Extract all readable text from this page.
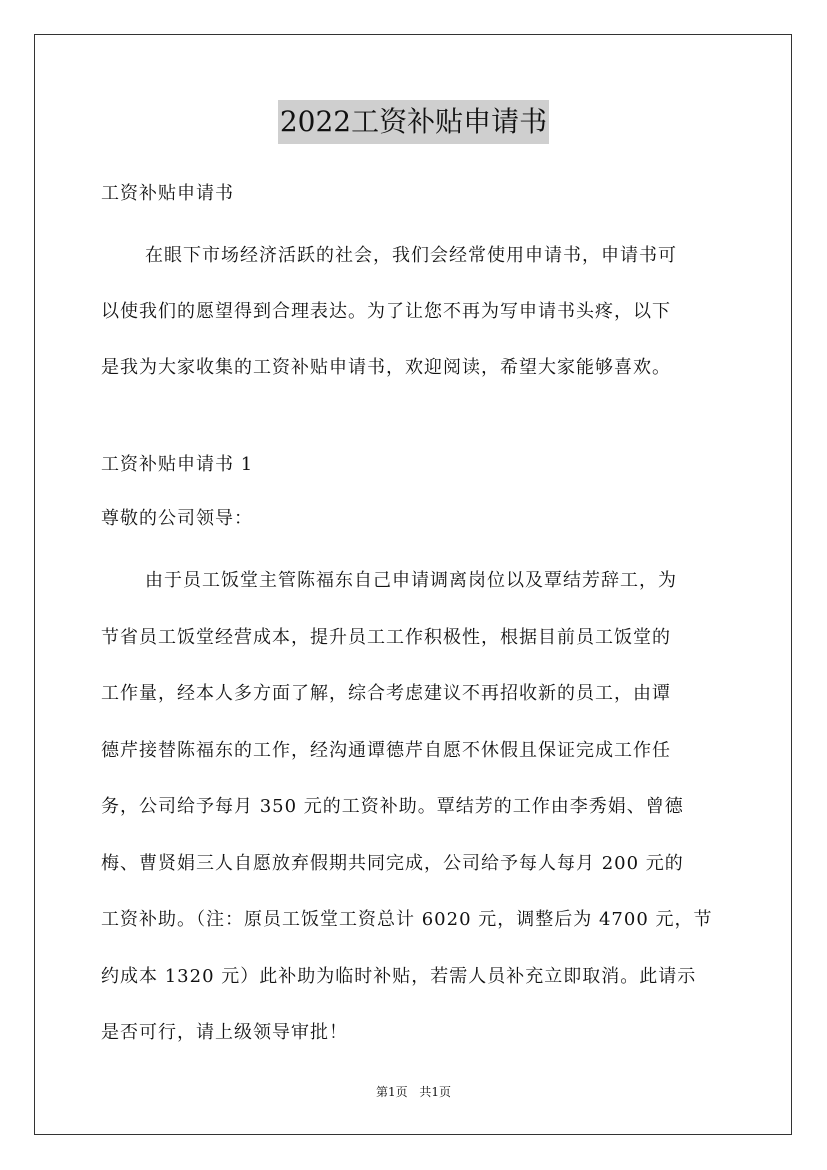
2022工资补贴申请书
工资补贴申请书
在眼下市场经济活跃的社会，我们会经常使用申请书，申请书可
以使我们的愿望得到合理表达。为了让您不再为写申请书头疼，以下
是我为大家收集的工资补贴申请书，欢迎阅读，希望大家能够喜欢。
工资补贴申请书 1
尊敬的公司领导：
由于员工饭堂主管陈福东自己申请调离岗位以及覃结芳辞工，为
节省员工饭堂经营成本，提升员工工作积极性，根据目前员工饭堂的
工作量，经本人多方面了解，综合考虑建议不再招收新的员工，由谭
德芹接替陈福东的工作，经沟通谭德芹自愿不休假且保证完成工作任
务，公司给予每月 350 元的工资补助。覃结芳的工作由李秀娟、曾德
梅、曹贤娟三人自愿放弃假期共同完成，公司给予每人每月 200 元的
工资补助。（注：原员工饭堂工资总计 6020 元，调整后为 4700 元，节
约成本 1320 元）此补助为临时补贴，若需人员补充立即取消。此请示
是否可行，请上级领导审批！
第1页 共1页
